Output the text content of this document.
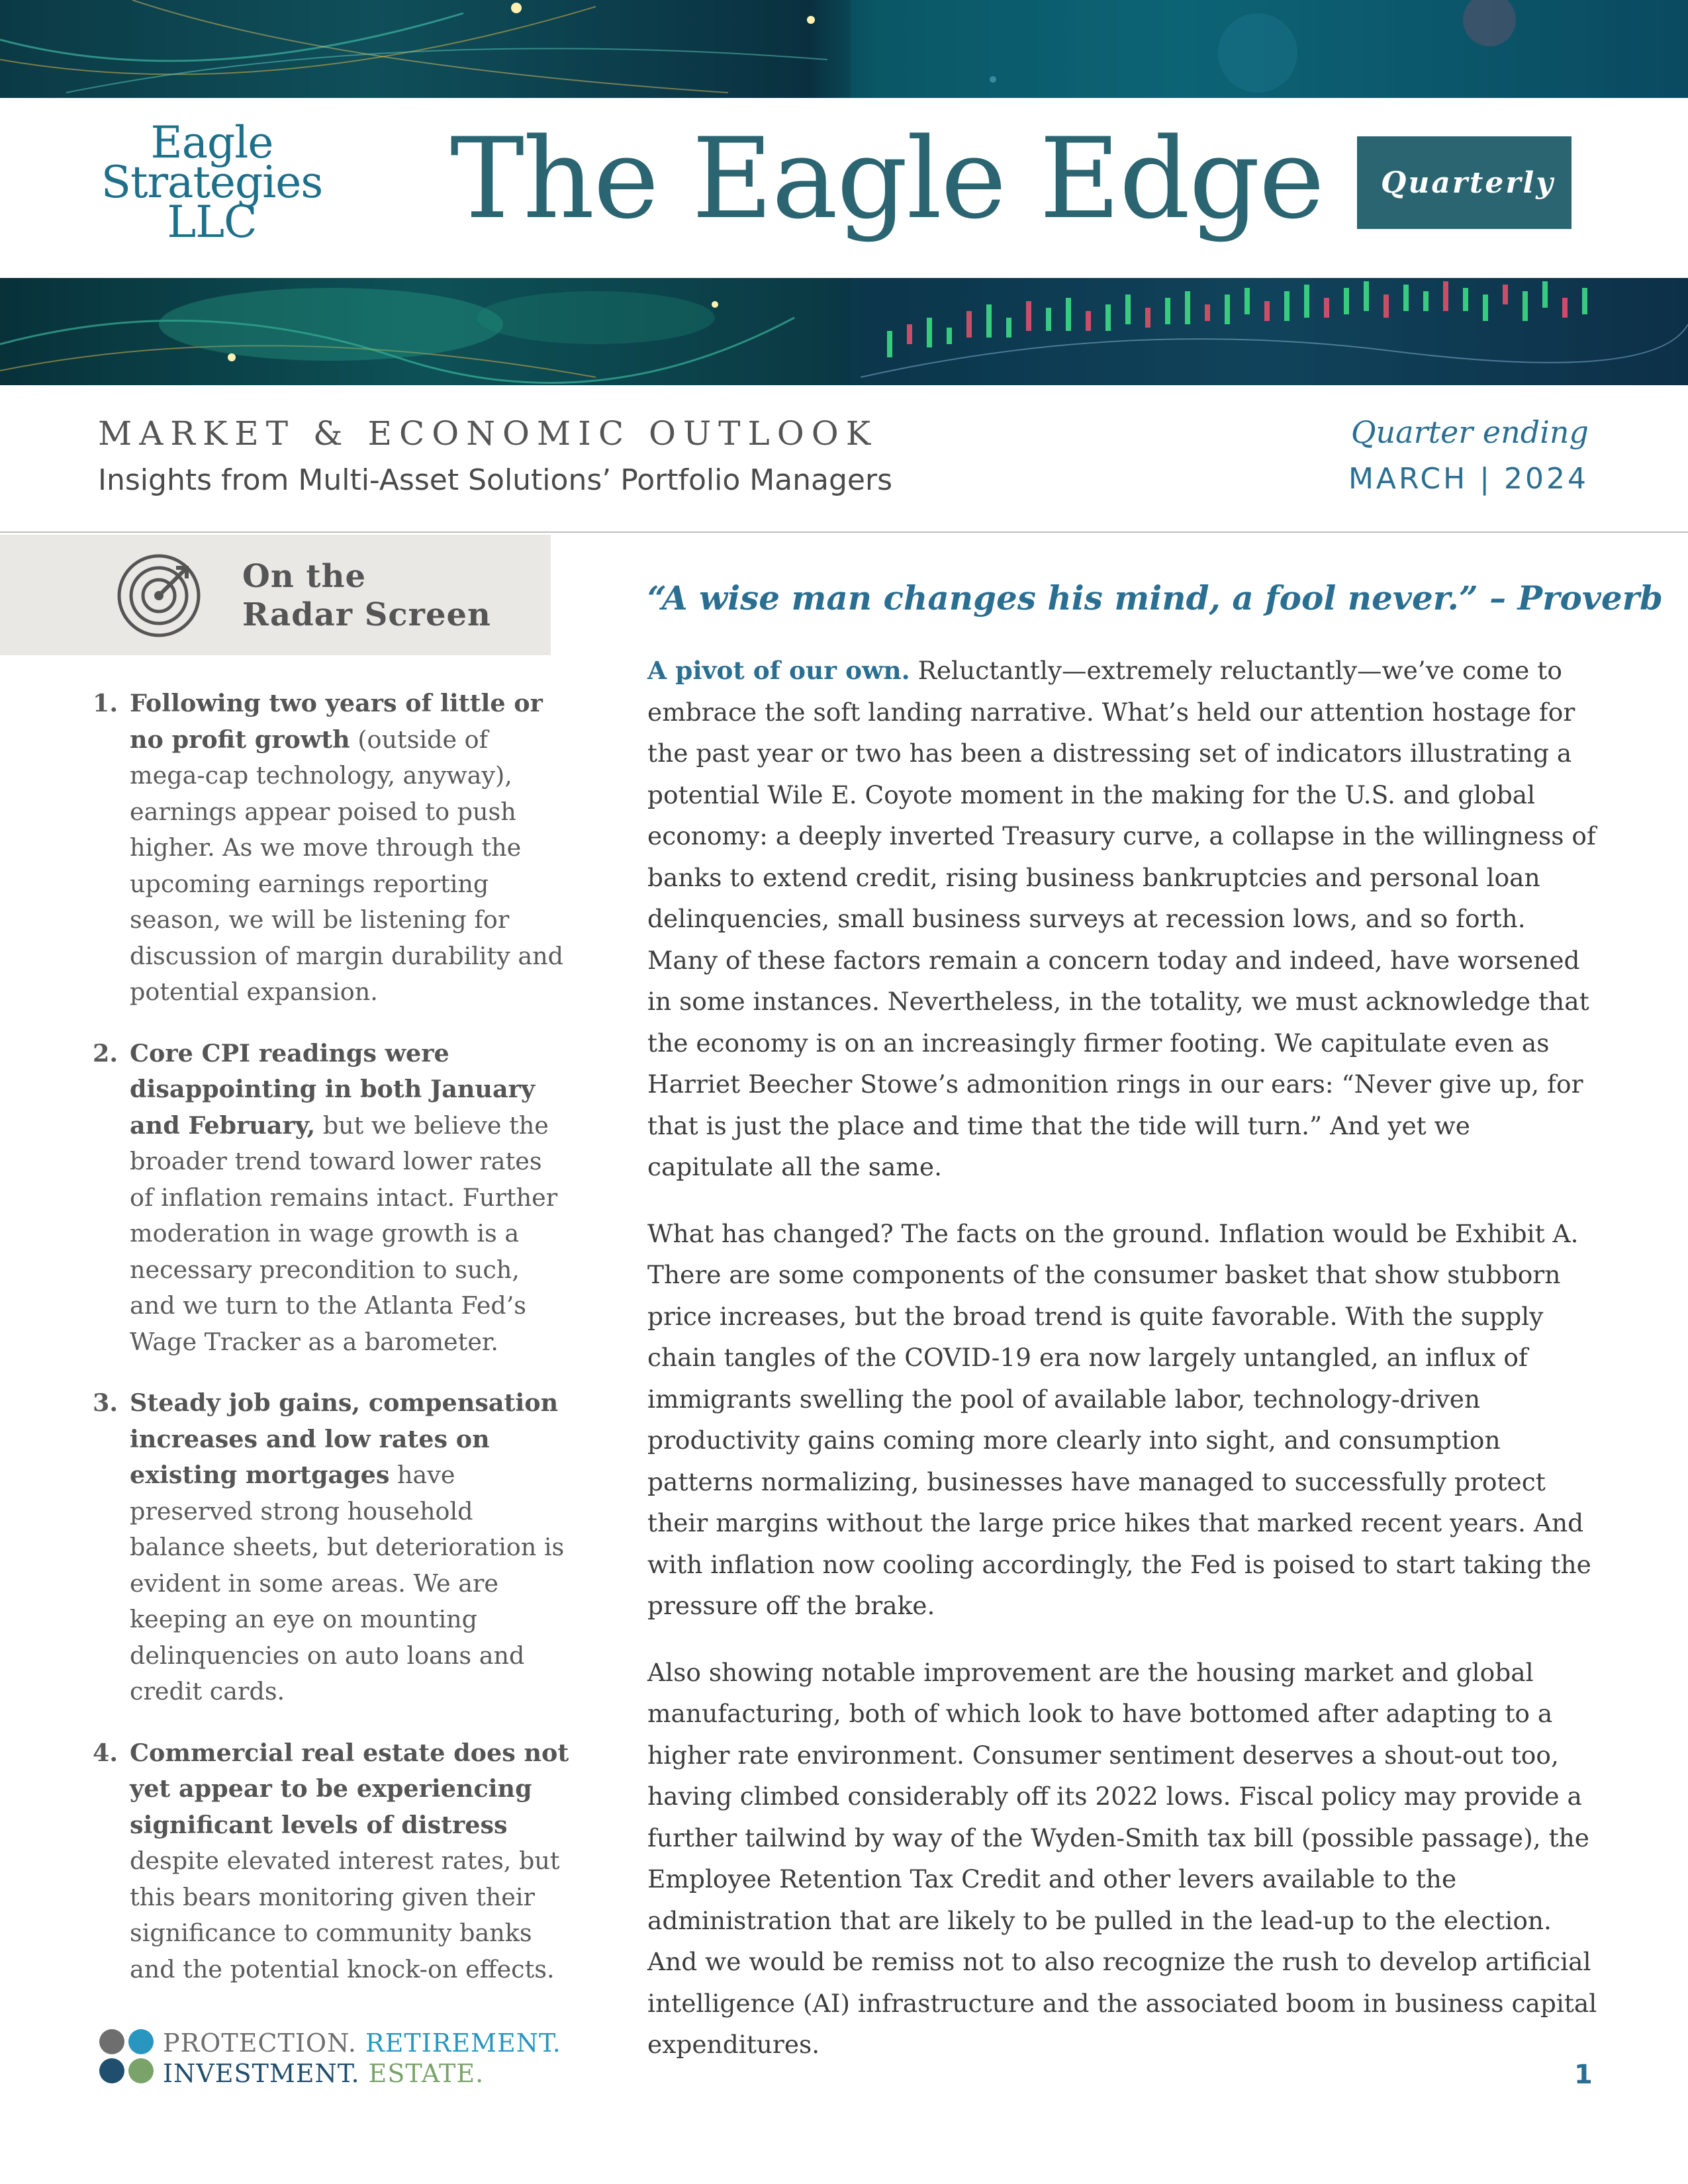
Eagle
Strategies
LLC	The Eagle Edge	Quarterly
MARKET & ECONOMIC OUTLOOK
Insights from Multi-Asset Solutions’ Portfolio Managers
Quarter ending
MARCH | 2024
On the
Radar Screen
1. Following two years of little or no profit growth (outside of mega-cap technology, anyway), earnings appear poised to push higher. As we move through the upcoming earnings reporting season, we will be listening for discussion of margin durability and potential expansion.
2. Core CPI readings were disappointing in both January and February, but we believe the broader trend toward lower rates of inflation remains intact. Further moderation in wage growth is a necessary precondition to such, and we turn to the Atlanta Fed’s Wage Tracker as a barometer.
3. Steady job gains, compensation increases and low rates on existing mortgages have preserved strong household balance sheets, but deterioration is evident in some areas. We are keeping an eye on mounting delinquencies on auto loans and credit cards.
4. Commercial real estate does not yet appear to be experiencing significant levels of distress despite elevated interest rates, but this bears monitoring given their significance to community banks and the potential knock-on effects.
“A wise man changes his mind, a fool never.” – Proverb

A pivot of our own. Reluctantly—extremely reluctantly—we’ve come to embrace the soft landing narrative. What’s held our attention hostage for the past year or two has been a distressing set of indicators illustrating a potential Wile E. Coyote moment in the making for the U.S. and global economy: a deeply inverted Treasury curve, a collapse in the willingness of banks to extend credit, rising business bankruptcies and personal loan delinquencies, small business surveys at recession lows, and so forth. Many of these factors remain a concern today and indeed, have worsened in some instances. Nevertheless, in the totality, we must acknowledge that the economy is on an increasingly firmer footing. We capitulate even as Harriet Beecher Stowe’s admonition rings in our ears: “Never give up, for that is just the place and time that the tide will turn.” And yet we capitulate all the same.

What has changed? The facts on the ground. Inflation would be Exhibit A. There are some components of the consumer basket that show stubborn price increases, but the broad trend is quite favorable. With the supply chain tangles of the COVID-19 era now largely untangled, an influx of immigrants swelling the pool of available labor, technology-driven productivity gains coming more clearly into sight, and consumption patterns normalizing, businesses have managed to successfully protect their margins without the large price hikes that marked recent years. And with inflation now cooling accordingly, the Fed is poised to start taking the pressure off the brake.

Also showing notable improvement are the housing market and global manufacturing, both of which look to have bottomed after adapting to a higher rate environment. Consumer sentiment deserves a shout-out too, having climbed considerably off its 2022 lows. Fiscal policy may provide a further tailwind by way of the Wyden-Smith tax bill (possible passage), the Employee Retention Tax Credit and other levers available to the administration that are likely to be pulled in the lead-up to the election. And we would be remiss not to also recognize the rush to develop artificial intelligence (AI) infrastructure and the associated boom in business capital expenditures.

PROTECTION. RETIREMENT.
INVESTMENT. ESTATE.	1
